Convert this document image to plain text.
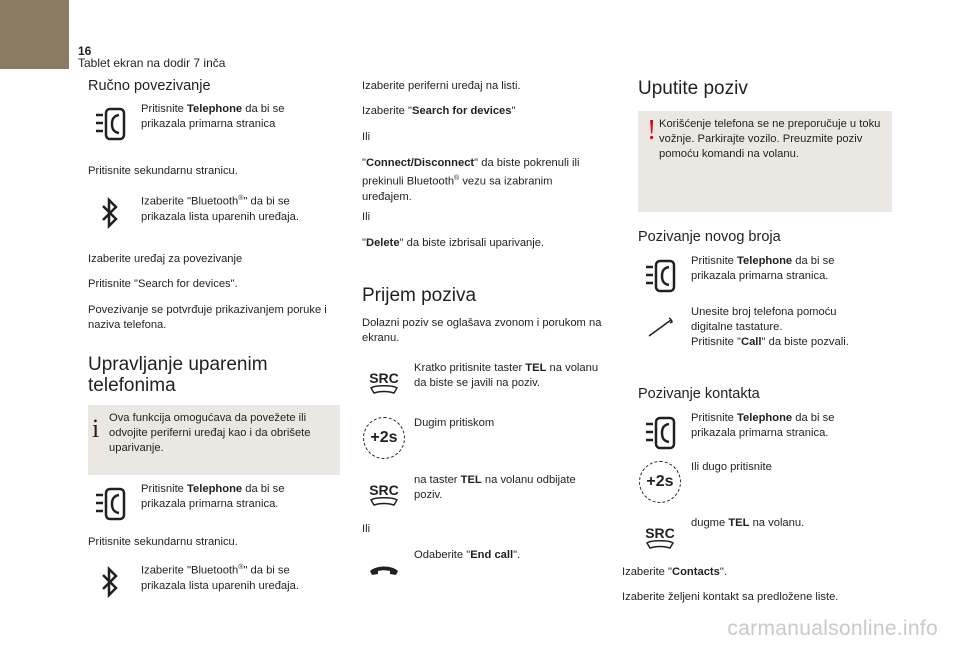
16
Tablet ekran na dodir 7 inča
Ručno povezivanje
Pritisnite Telephone da bi se prikazala primarna stranica
Pritisnite sekundarnu stranicu.
Izaberite "Bluetooth®" da bi se prikazala lista uparenih uređaja.
Izaberite uređaj za povezivanje
Pritisnite "Search for devices".
Povezivanje se potvrđuje prikazivanjem poruke i naziva telefona.
Upravljanje uparenim telefonima
i Ova funkcija omogućava da povežete ili odvojite periferni uređaj kao i da obrišete uparivanje.
Pritisnite Telephone da bi se prikazala primarna stranica.
Pritisnite sekundarnu stranicu.
Izaberite "Bluetooth®" da bi se prikazala lista uparenih uređaja.
Izaberite periferni uređaj na listi.
Izaberite "Search for devices"
Ili
"Connect/Disconnect" da biste pokrenuli ili prekinuli Bluetooth® vezu sa izabranim uređajem.
Ili
"Delete" da biste izbrisali uparivanje.
Prijem poziva
Dolazni poziv se oglašava zvonom i porukom na ekranu.
SRC
Kratko pritisnite taster TEL na volanu da biste se javili na poziv.
+2s
Dugim pritiskom
SRC
na taster TEL na volanu odbijate poziv.
Ili
Odaberite "End call".
Uputite poziv
! Korišćenje telefona se ne preporučuje u toku vožnje. Parkirajte vozilo. Preuzmite poziv pomoću komandi na volanu.
Pozivanje novog broja
Pritisnite Telephone da bi se prikazala primarna stranica.
Unesite broj telefona pomoću digitalne tastature.
Pritisnite "Call" da biste pozvali.
Pozivanje kontakta
Pritisnite Telephone da bi se prikazala primarna stranica.
+2s
Ili dugo pritisnite
SRC
dugme TEL na volanu.
Izaberite "Contacts".
Izaberite željeni kontakt sa predložene liste.
carmanualsonline.info
